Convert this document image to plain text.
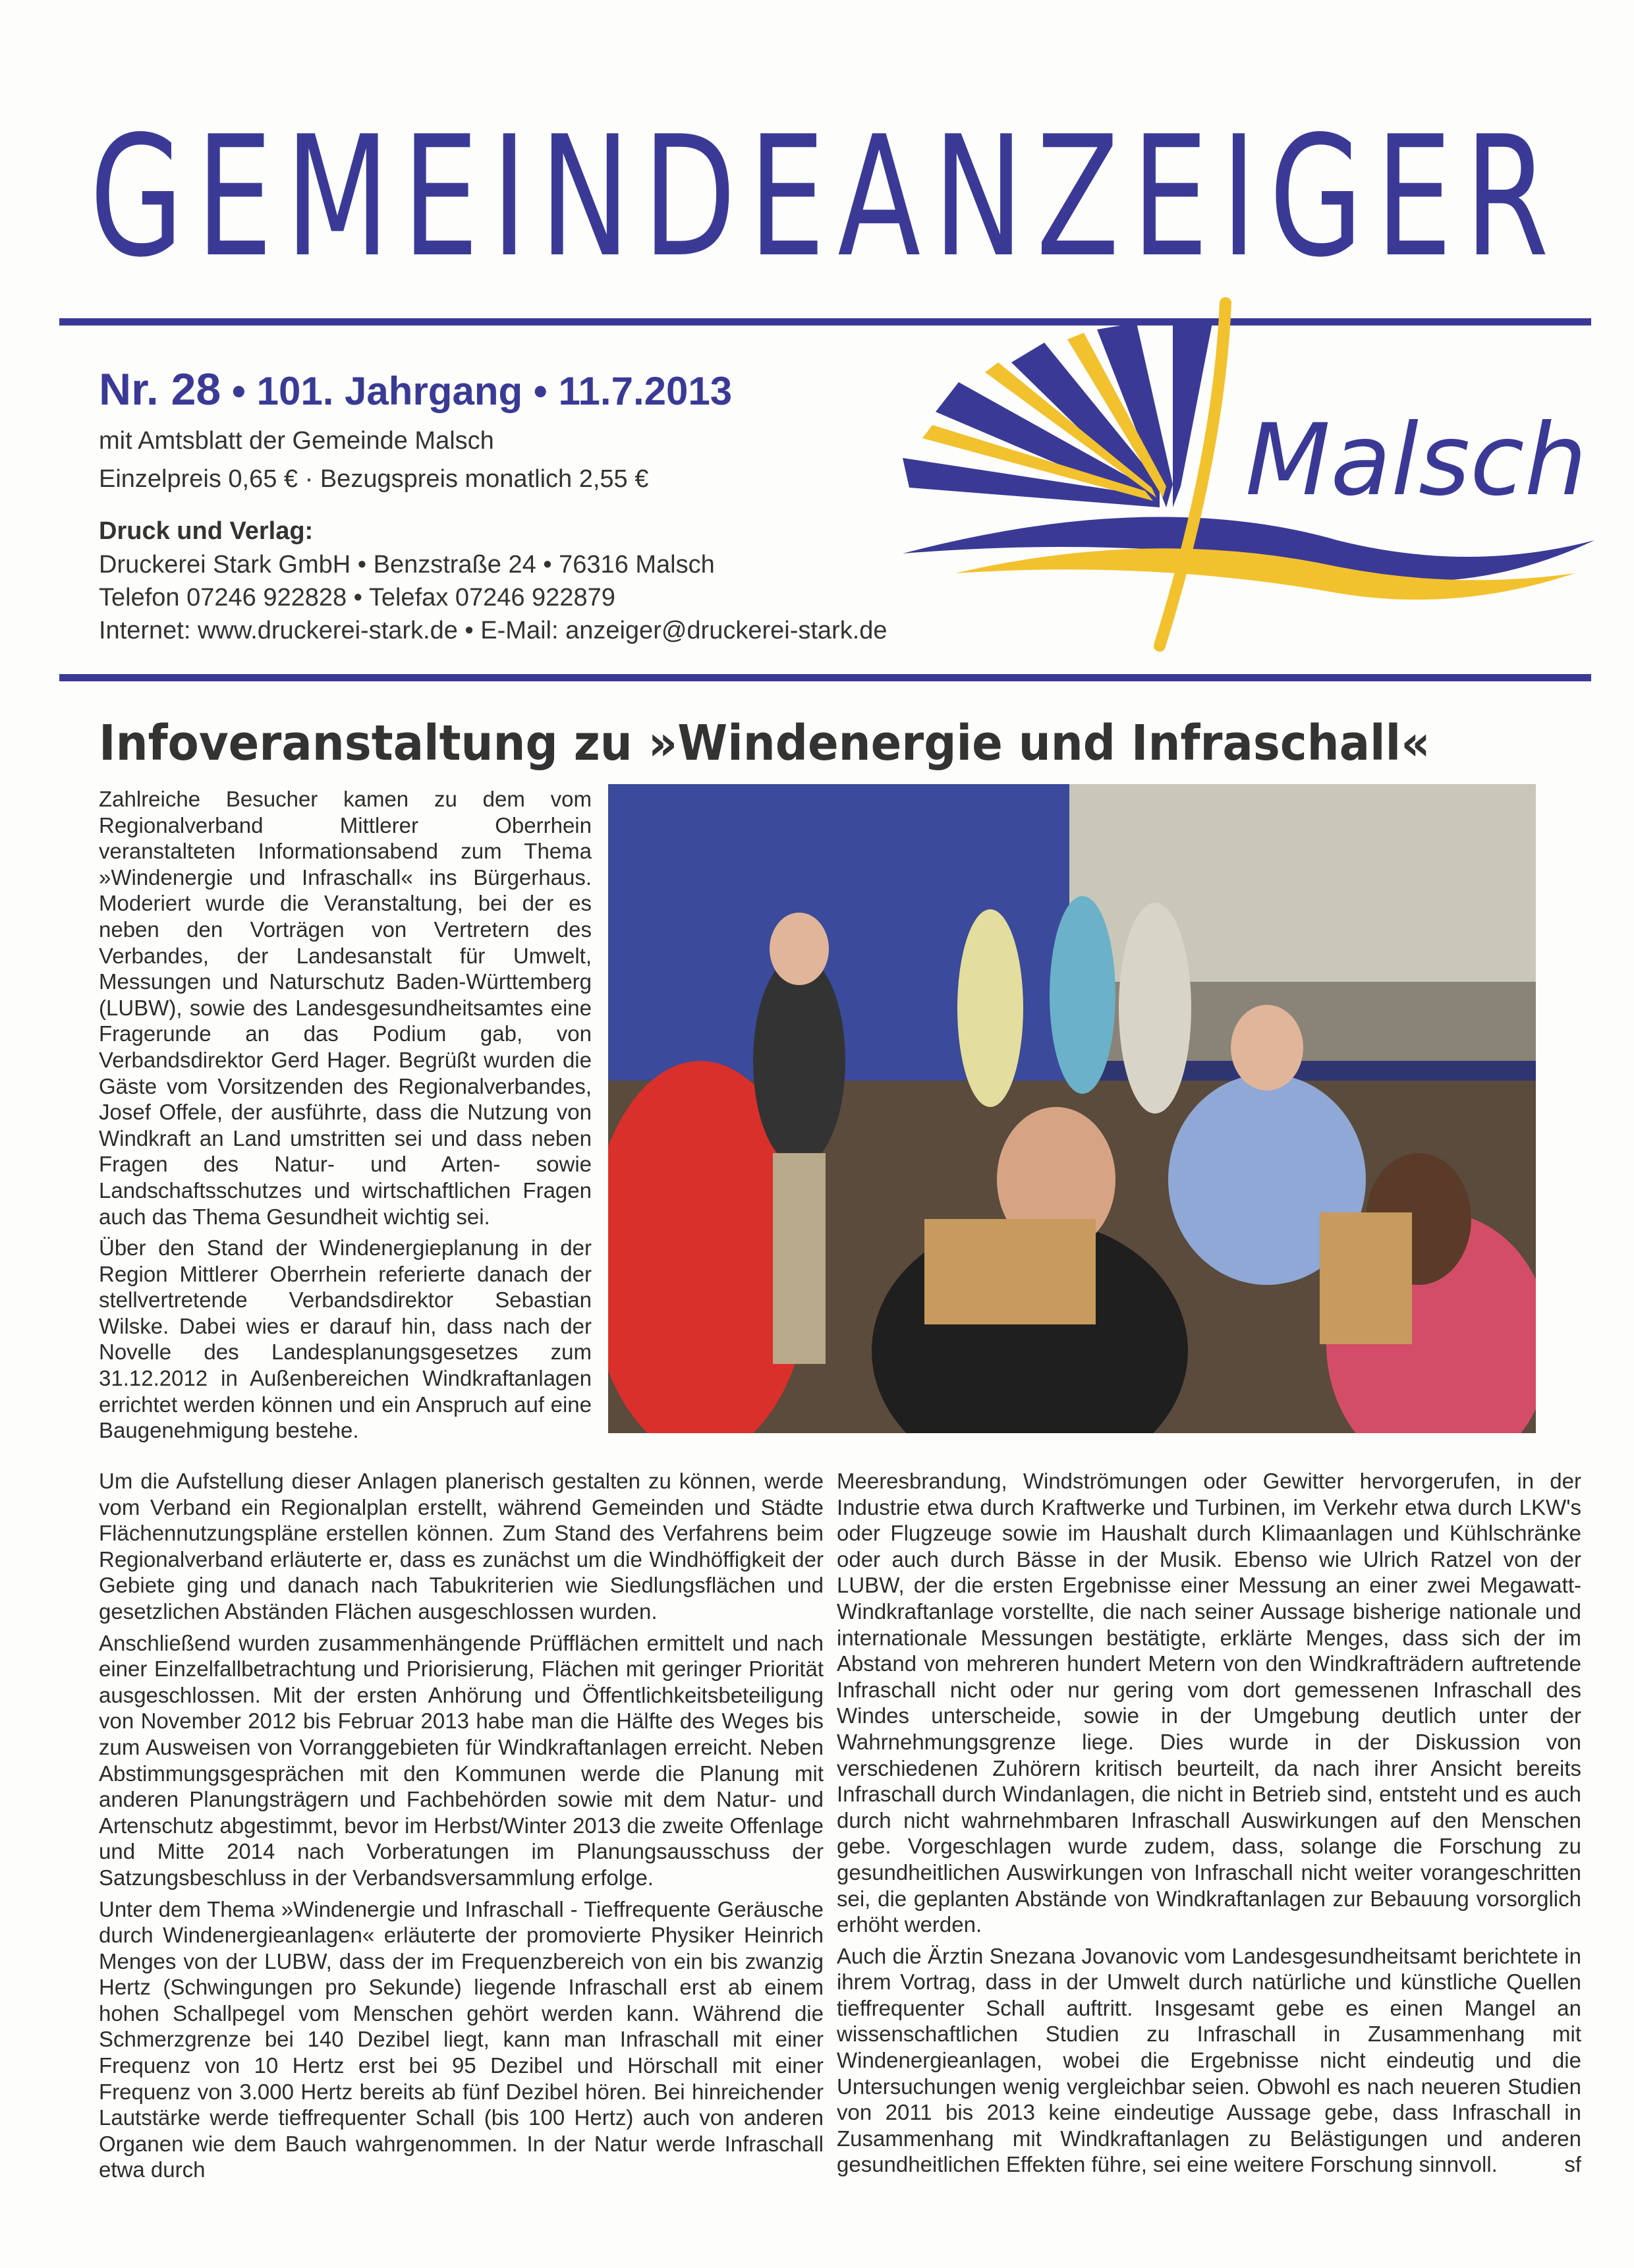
GEMEINDEANZEIGER
Nr. 28 • 101. Jahrgang • 11.7.2013
mit Amtsblatt der Gemeinde Malsch
Einzelpreis 0,65 € · Bezugspreis monatlich 2,55 €
Druck und Verlag:
Druckerei Stark GmbH • Benzstraße 24 • 76316 Malsch
Telefon 07246 922828 • Telefax 07246 922879
Internet: www.druckerei-stark.de • E-Mail: anzeiger@druckerei-stark.de
Malsch
Infoveranstaltung zu »Windenergie und Infraschall«

Zahlreiche Besucher kamen zu dem vom Regionalverband Mittlerer Oberrhein veranstalteten Informationsabend zum Thema »Windenergie und Infraschall« ins Bürgerhaus. Moderiert wurde die Veranstaltung, bei der es neben den Vorträgen von Vertretern des Verbandes, der Landesanstalt für Umwelt, Messungen und Naturschutz Baden-Württemberg (LUBW), sowie des Landesgesundheitsamtes eine Fragerunde an das Podium gab, von Verbandsdirektor Gerd Hager. Begrüßt wurden die Gäste vom Vorsitzenden des Regionalverbandes, Josef Offele, der ausführte, dass die Nutzung von Windkraft an Land umstritten sei und dass neben Fragen des Natur- und Arten- sowie Landschaftsschutzes und wirtschaftlichen Fragen auch das Thema Gesundheit wichtig sei.

Über den Stand der Windenergieplanung in der Region Mittlerer Oberrhein referierte danach der stellvertretende Verbandsdirektor Sebastian Wilske. Dabei wies er darauf hin, dass nach der Novelle des Landesplanungsgesetzes zum 31.12.2012 in Außenbereichen Windkraftanlagen errichtet werden können und ein Anspruch auf eine Baugenehmigung bestehe.

Um die Aufstellung dieser Anlagen planerisch gestalten zu können, werde vom Verband ein Regionalplan erstellt, während Gemeinden und Städte Flächennutzungspläne erstellen können. Zum Stand des Verfahrens beim Regionalverband erläuterte er, dass es zunächst um die Windhöffigkeit der Gebiete ging und danach nach Tabukriterien wie Siedlungsflächen und gesetzlichen Abständen Flächen ausgeschlossen wurden.

Anschließend wurden zusammenhängende Prüfflächen ermittelt und nach einer Einzelfallbetrachtung und Priorisierung, Flächen mit geringer Priorität ausgeschlossen. Mit der ersten Anhörung und Öffentlichkeitsbeteiligung von November 2012 bis Februar 2013 habe man die Hälfte des Weges bis zum Ausweisen von Vorranggebieten für Windkraftanlagen erreicht. Neben Abstimmungsgesprächen mit den Kommunen werde die Planung mit anderen Planungsträgern und Fachbehörden sowie mit dem Natur- und Artenschutz abgestimmt, bevor im Herbst/Winter 2013 die zweite Offenlage und Mitte 2014 nach Vorberatungen im Planungsausschuss der Satzungsbeschluss in der Verbandsversammlung erfolge.

Unter dem Thema »Windenergie und Infraschall - Tieffrequente Geräusche durch Windenergieanlagen« erläuterte der promovierte Physiker Heinrich Menges von der LUBW, dass der im Frequenzbereich von ein bis zwanzig Hertz (Schwingungen pro Sekunde) liegende Infraschall erst ab einem hohen Schallpegel vom Menschen gehört werden kann. Während die Schmerzgrenze bei 140 Dezibel liegt, kann man Infraschall mit einer Frequenz von 10 Hertz erst bei 95 Dezibel und Hörschall mit einer Frequenz von 3.000 Hertz bereits ab fünf Dezibel hören. Bei hinreichender Lautstärke werde tieffrequenter Schall (bis 100 Hertz) auch von anderen Organen wie dem Bauch wahrgenommen. In der Natur werde Infraschall etwa durch

Meeresbrandung, Windströmungen oder Gewitter hervorgerufen, in der Industrie etwa durch Kraftwerke und Turbinen, im Verkehr etwa durch LKW's oder Flugzeuge sowie im Haushalt durch Klimaanlagen und Kühlschränke oder auch durch Bässe in der Musik. Ebenso wie Ulrich Ratzel von der LUBW, der die ersten Ergebnisse einer Messung an einer zwei Megawatt-Windkraftanlage vorstellte, die nach seiner Aussage bisherige nationale und internationale Messungen bestätigte, erklärte Menges, dass sich der im Abstand von mehreren hundert Metern von den Windkrafträdern auftretende Infraschall nicht oder nur gering vom dort gemessenen Infraschall des Windes unterscheide, sowie in der Umgebung deutlich unter der Wahrnehmungsgrenze liege. Dies wurde in der Diskussion von verschiedenen Zuhörern kritisch beurteilt, da nach ihrer Ansicht bereits Infraschall durch Windanlagen, die nicht in Betrieb sind, entsteht und es auch durch nicht wahrnehmbaren Infraschall Auswirkungen auf den Menschen gebe. Vorgeschlagen wurde zudem, dass, solange die Forschung zu gesundheitlichen Auswirkungen von Infraschall nicht weiter vorangeschritten sei, die geplanten Abstände von Windkraftanlagen zur Bebauung vorsorglich erhöht werden.

Auch die Ärztin Snezana Jovanovic vom Landesgesundheitsamt berichtete in ihrem Vortrag, dass in der Umwelt durch natürliche und künstliche Quellen tieffrequenter Schall auftritt. Insgesamt gebe es einen Mangel an wissenschaftlichen Studien zu Infraschall in Zusammenhang mit Windenergieanlagen, wobei die Ergebnisse nicht eindeutig und die Untersuchungen wenig vergleichbar seien. Obwohl es nach neueren Studien von 2011 bis 2013 keine eindeutige Aussage gebe, dass Infraschall in Zusammenhang mit Windkraftanlagen zu Belästigungen und anderen gesundheitlichen Effekten führe, sei eine weitere Forschung sinnvoll.	sf
